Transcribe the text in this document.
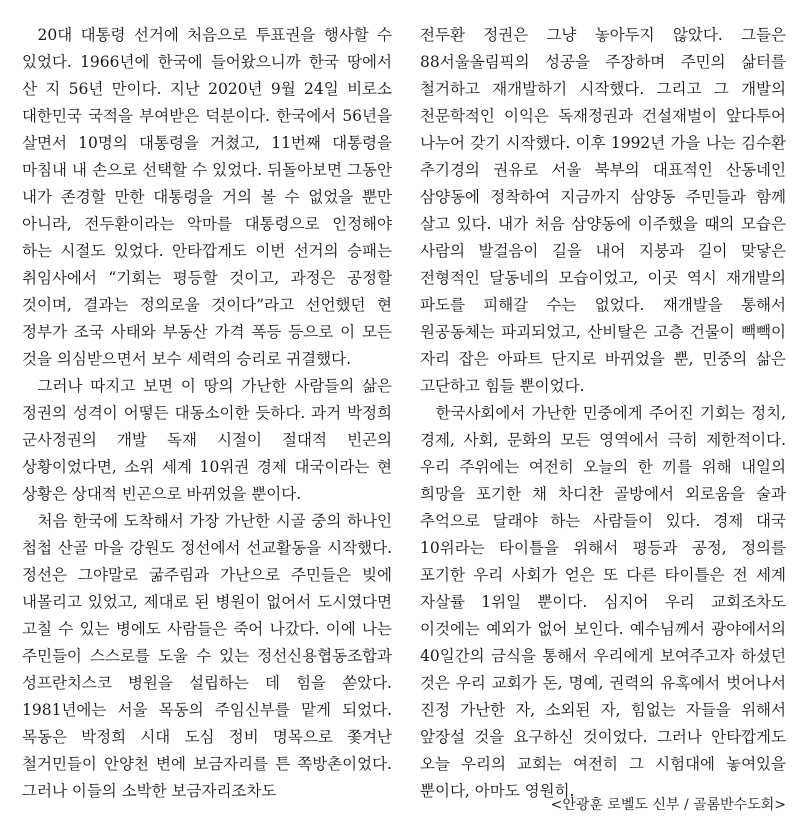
20대 대통령 선거에 처음으로 투표권을 행사할 수 있었다. 1966년에 한국에 들어왔으니까 한국 땅에서 산 지 56년 만이다. 지난 2020년 9월 24일 비로소 대한민국 국적을 부여받은 덕분이다. 한국에서 56년을 살면서 10명의 대통령을 거쳤고, 11번째 대통령을 마침내 내 손으로 선택할 수 있었다. 뒤돌아보면 그동안 내가 존경할 만한 대통령을 거의 볼 수 없었을 뿐만 아니라, 전두환이라는 악마를 대통령으로 인정해야 하는 시절도 있었다. 안타깝게도 이번 선거의 승패는 취임사에서 “기회는 평등할 것이고, 과정은 공정할 것이며, 결과는 정의로울 것이다”라고 선언했던 현 정부가 조국 사태와 부동산 가격 폭등 등으로 이 모든 것을 의심받으면서 보수 세력의 승리로 귀결했다.

그러나 따지고 보면 이 땅의 가난한 사람들의 삶은 정권의 성격이 어떻든 대동소이한 듯하다. 과거 박정희 군사정권의 개발 독재 시절이 절대적 빈곤의 상황이었다면, 소위 세계 10위권 경제 대국이라는 현 상황은 상대적 빈곤으로 바뀌었을 뿐이다.

처음 한국에 도착해서 가장 가난한 시골 중의 하나인 첩첩 산골 마을 강원도 정선에서 선교활동을 시작했다. 정선은 그야말로 굶주림과 가난으로 주민들은 빚에 내몰리고 있었고, 제대로 된 병원이 없어서 도시였다면 고칠 수 있는 병에도 사람들은 죽어 나갔다. 이에 나는 주민들이 스스로를 도울 수 있는 정선신용협동조합과 성프란치스코 병원을 설립하는 데 힘을 쏟았다. 1981년에는 서울 목동의 주임신부를 맡게 되었다. 목동은 박정희 시대 도심 정비 명목으로 쫓겨난 철거민들이 안양천 변에 보금자리를 튼 쪽방촌이었다. 그러나 이들의 소박한 보금자리조차도

전두환 정권은 그냥 놓아두지 않았다. 그들은 88서울올림픽의 성공을 주장하며 주민의 삶터를 철거하고 재개발하기 시작했다. 그리고 그 개발의 천문학적인 이익은 독재정권과 건설재벌이 앞다투어 나누어 갖기 시작했다. 이후 1992년 가을 나는 김수환 추기경의 권유로 서울 북부의 대표적인 산동네인 삼양동에 정착하여 지금까지 삼양동 주민들과 함께 살고 있다. 내가 처음 삼양동에 이주했을 때의 모습은 사람의 발걸음이 길을 내어 지붕과 길이 맞닿은 전형적인 달동네의 모습이었고, 이곳 역시 재개발의 파도를 피해갈 수는 없었다. 재개발을 통해서 원공동체는 파괴되었고, 산비탈은 고층 건물이 빽빽이 자리 잡은 아파트 단지로 바뀌었을 뿐, 민중의 삶은 고단하고 힘들 뿐이었다.

한국사회에서 가난한 민중에게 주어진 기회는 정치, 경제, 사회, 문화의 모든 영역에서 극히 제한적이다. 우리 주위에는 여전히 오늘의 한 끼를 위해 내일의 희망을 포기한 채 차디찬 골방에서 외로움을 술과 추억으로 달래야 하는 사람들이 있다. 경제 대국 10위라는 타이틀을 위해서 평등과 공정, 정의를 포기한 우리 사회가 얻은 또 다른 타이틀은 전 세계 자살률 1위일 뿐이다. 심지어 우리 교회조차도 이것에는 예외가 없어 보인다. 예수님께서 광야에서의 40일간의 금식을 통해서 우리에게 보여주고자 하셨던 것은 우리 교회가 돈, 명예, 권력의 유혹에서 벗어나서 진정 가난한 자, 소외된 자, 힘없는 자들을 위해서 앞장설 것을 요구하신 것이었다. 그러나 안타깝게도 오늘 우리의 교회는 여전히 그 시험대에 놓여있을 뿐이다, 아마도 영원히.

<안광훈 로벨도 신부 / 골롬반수도회>
